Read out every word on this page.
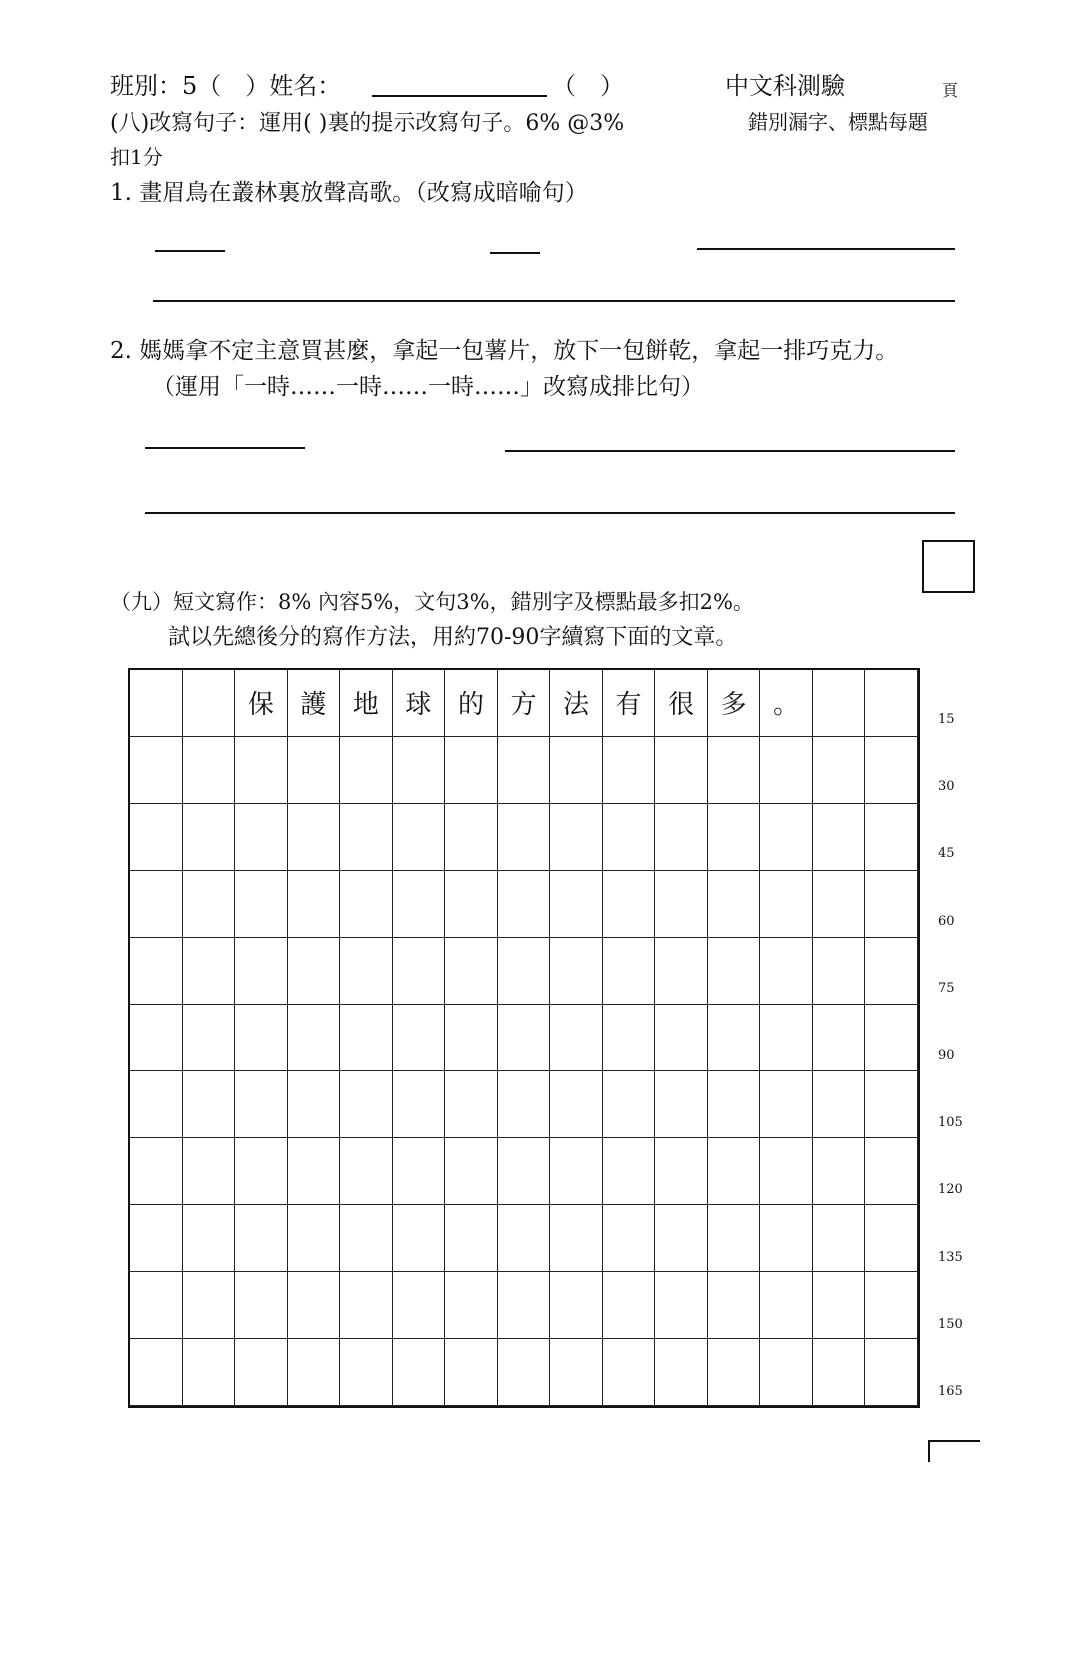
班別：5（　）姓名：	（　）	中文科測驗	頁
(八)改寫句子：運用( )裏的提示改寫句子。6% @3%	錯別漏字、標點每題
扣1分
1. 畫眉鳥在叢林裏放聲高歌。（改寫成暗喻句）
2. 媽媽拿不定主意買甚麼，拿起一包薯片，放下一包餅乾，拿起一排巧克力。
（運用「一時……一時……一時……」改寫成排比句）
（九）短文寫作：8% 內容5%，文句3%，錯別字及標點最多扣2%。
試以先總後分的寫作方法，用約70-90字續寫下面的文章。
保	護	地	球	的	方	法	有	很	多	。	15
30
45
60
75
90
105
120
135
150
165
